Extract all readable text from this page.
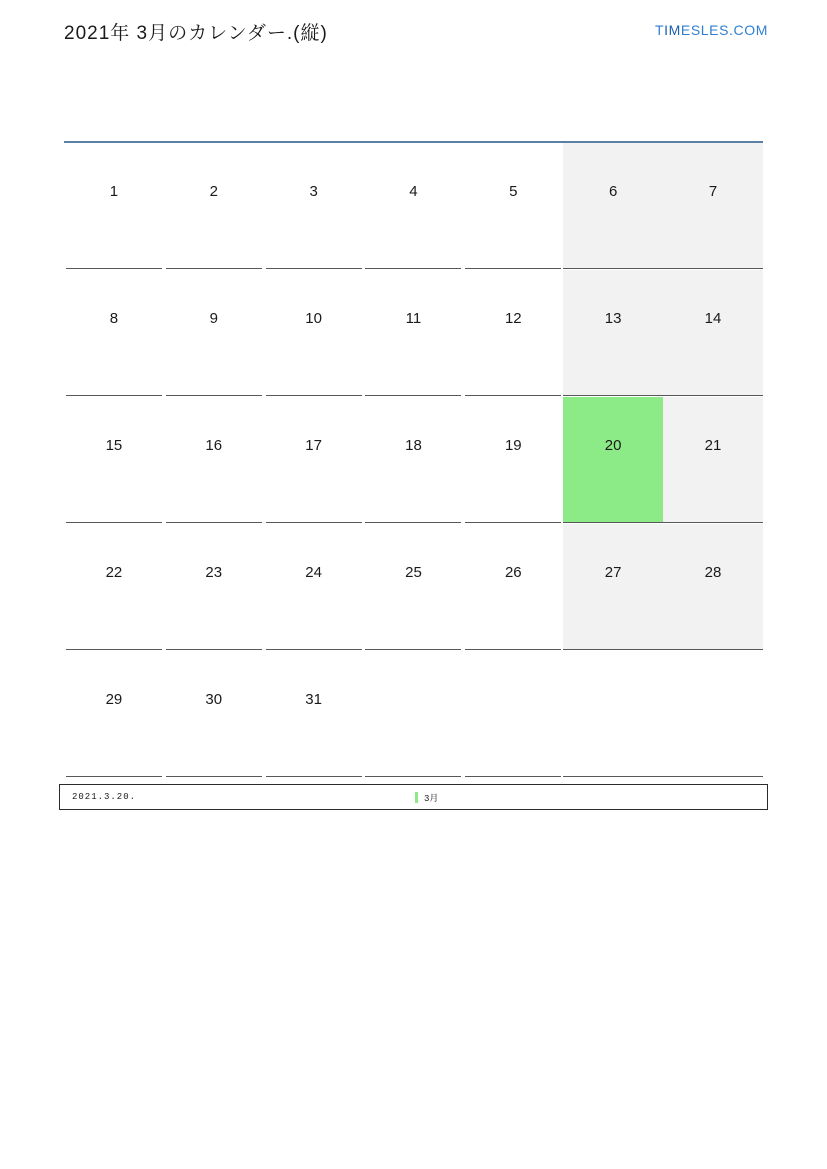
2021年 3月のカレンダー.(縦)	TIMESLES.COM
1	2	3	4	5	6	7
8	9	10	11	12	13	14
15	16	17	18	19	20	21
22	23	24	25	26	27	28
29	30	31
2021.3.20.	3月
